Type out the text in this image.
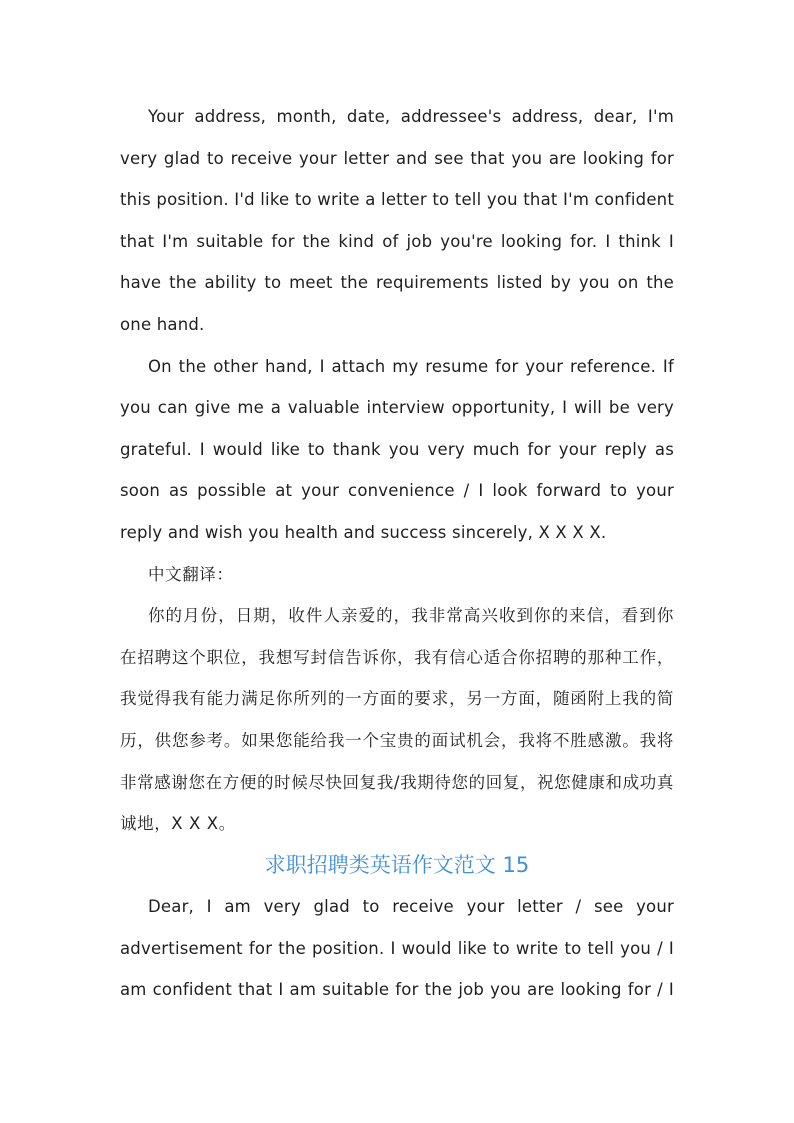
Your address, month, date, addressee's address, dear, I'm very glad to receive your letter and see that you are looking for this position. I'd like to write a letter to tell you that I'm confident that I'm suitable for the kind of job you're looking for. I think I have the ability to meet the requirements listed by you on the one hand.

On the other hand, I attach my resume for your reference. If you can give me a valuable interview opportunity, I will be very grateful. I would like to thank you very much for your reply as soon as possible at your convenience / I look forward to your reply and wish you health and success sincerely, X X X X.

中文翻译：

你的月份，日期，收件人亲爱的，我非常高兴收到你的来信，看到你在招聘这个职位，我想写封信告诉你，我有信心适合你招聘的那种工作，我觉得我有能力满足你所列的一方面的要求，另一方面，随函附上我的简历，供您参考。如果您能给我一个宝贵的面试机会，我将不胜感激。我将非常感谢您在方便的时候尽快回复我/我期待您的回复，祝您健康和成功真诚地，X X X。

求职招聘类英语作文范文 15

Dear, I am very glad to receive your letter / see your advertisement for the position. I would like to write to tell you / I am confident that I am suitable for the job you are looking for / I
